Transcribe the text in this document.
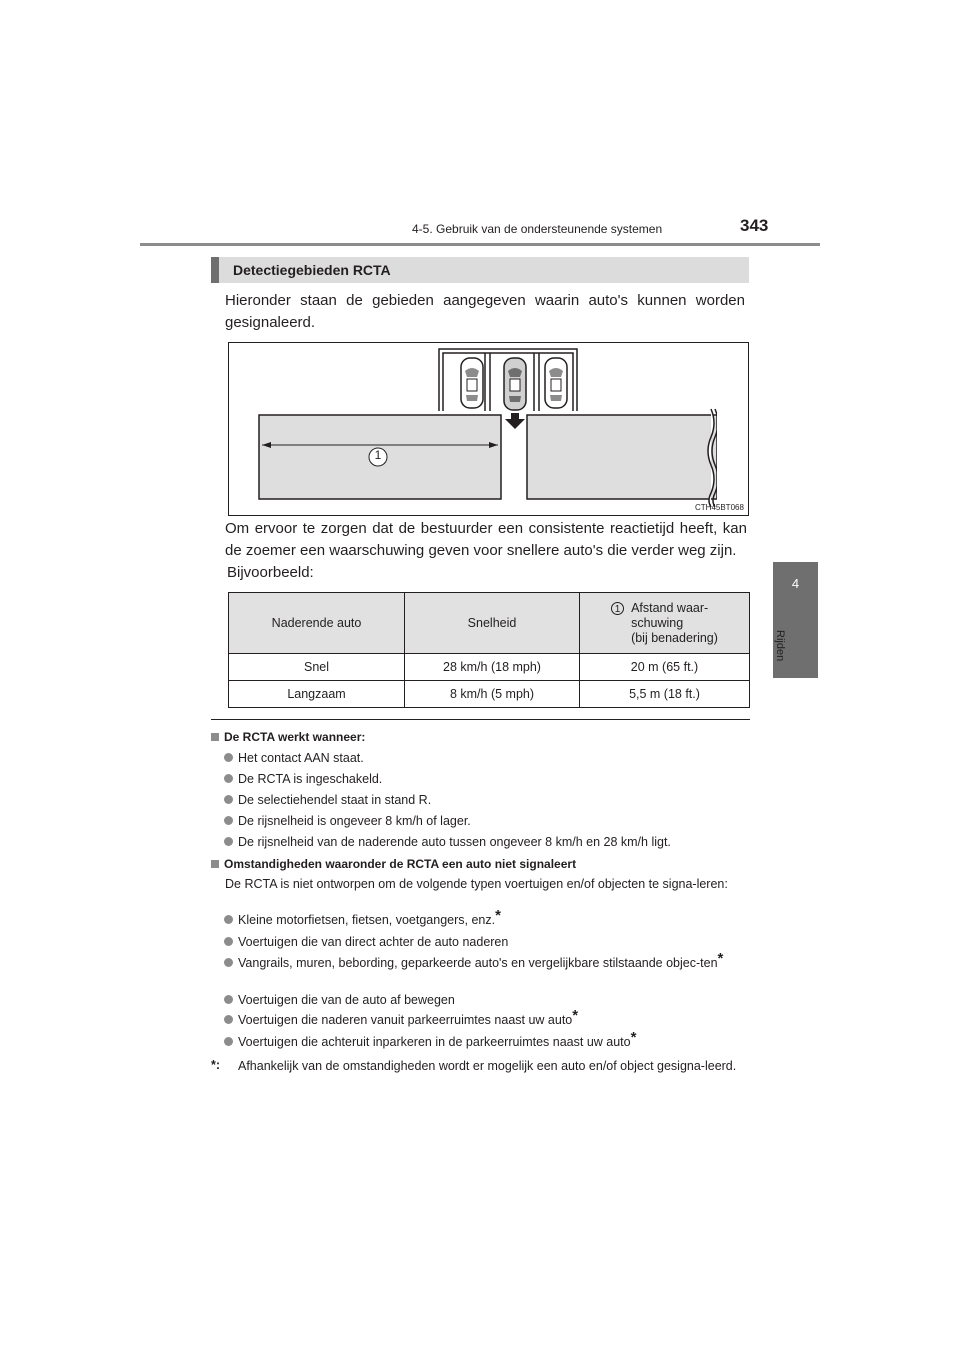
4-5. Gebruik van de ondersteunende systemen	343
4
Rijden
Detectiegebieden RCTA
Hieronder staan de gebieden aangegeven waarin auto's kunnen worden gesignaleerd.
1
CTH45BT068
Om ervoor te zorgen dat de bestuurder een consistente reactietijd heeft, kan de zoemer een waarschuwing geven voor snellere auto's die verder weg zijn.
Bijvoorbeeld:
Naderende auto	Snelheid	1 Afstand waar-
schuwing
(bij benadering)
Snel	28 km/h (18 mph)	20 m (65 ft.)
Langzaam	8 km/h (5 mph)	5,5 m (18 ft.)
De RCTA werkt wanneer:
Het contact AAN staat.
De RCTA is ingeschakeld.
De selectiehendel staat in stand R.
De rijsnelheid is ongeveer 8 km/h of lager.
De rijsnelheid van de naderende auto tussen ongeveer 8 km/h en 28 km/h ligt.
Omstandigheden waaronder de RCTA een auto niet signaleert
De RCTA is niet ontworpen om de volgende typen voertuigen en/of objecten te signa-leren:
Kleine motorfietsen, fietsen, voetgangers, enz.*
Voertuigen die van direct achter de auto naderen
Vangrails, muren, bebording, geparkeerde auto's en vergelijkbare stilstaande objec-ten*
Voertuigen die van de auto af bewegen
Voertuigen die naderen vanuit parkeerruimtes naast uw auto*
Voertuigen die achteruit inparkeren in de parkeerruimtes naast uw auto*
*: Afhankelijk van de omstandigheden wordt er mogelijk een auto en/of object gesigna-leerd.
